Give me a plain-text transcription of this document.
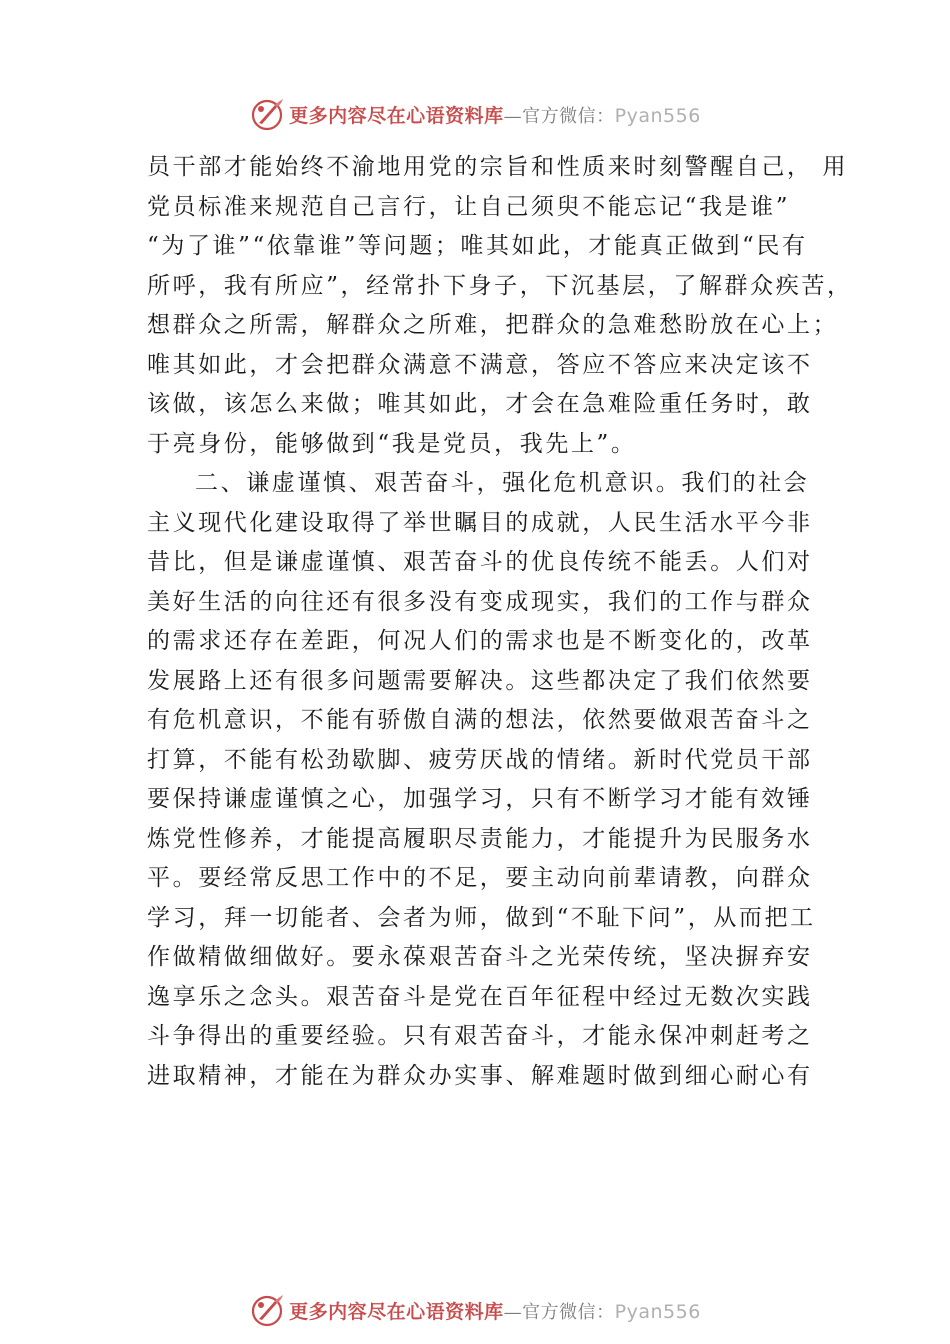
更多内容尽在心语资料库—官方微信：Pyan556
员干部才能始终不渝地用党的宗旨和性质来时刻警醒自己， 用
党员标准来规范自己言行，让自己须臾不能忘记“我是谁”
“为了谁”“依靠谁”等问题；唯其如此，才能真正做到“民有
所呼，我有所应”，经常扑下身子，下沉基层，了解群众疾苦，
想群众之所需，解群众之所难，把群众的急难愁盼放在心上；
唯其如此，才会把群众满意不满意，答应不答应来决定该不
该做，该怎么来做；唯其如此，才会在急难险重任务时，敢
于亮身份，能够做到“我是党员，我先上”。
二、谦虚谨慎、艰苦奋斗，强化危机意识。我们的社会
主义现代化建设取得了举世瞩目的成就，人民生活水平今非
昔比，但是谦虚谨慎、艰苦奋斗的优良传统不能丢。人们对
美好生活的向往还有很多没有变成现实，我们的工作与群众
的需求还存在差距，何况人们的需求也是不断变化的，改革
发展路上还有很多问题需要解决。这些都决定了我们依然要
有危机意识，不能有骄傲自满的想法，依然要做艰苦奋斗之
打算，不能有松劲歇脚、疲劳厌战的情绪。新时代党员干部
要保持谦虚谨慎之心，加强学习，只有不断学习才能有效锤
炼党性修养，才能提高履职尽责能力，才能提升为民服务水
平。要经常反思工作中的不足，要主动向前辈请教，向群众
学习，拜一切能者、会者为师，做到“不耻下问”，从而把工
作做精做细做好。要永葆艰苦奋斗之光荣传统，坚决摒弃安
逸享乐之念头。艰苦奋斗是党在百年征程中经过无数次实践
斗争得出的重要经验。只有艰苦奋斗，才能永保冲刺赶考之
进取精神，才能在为群众办实事、解难题时做到细心耐心有
更多内容尽在心语资料库—官方微信：Pyan556
